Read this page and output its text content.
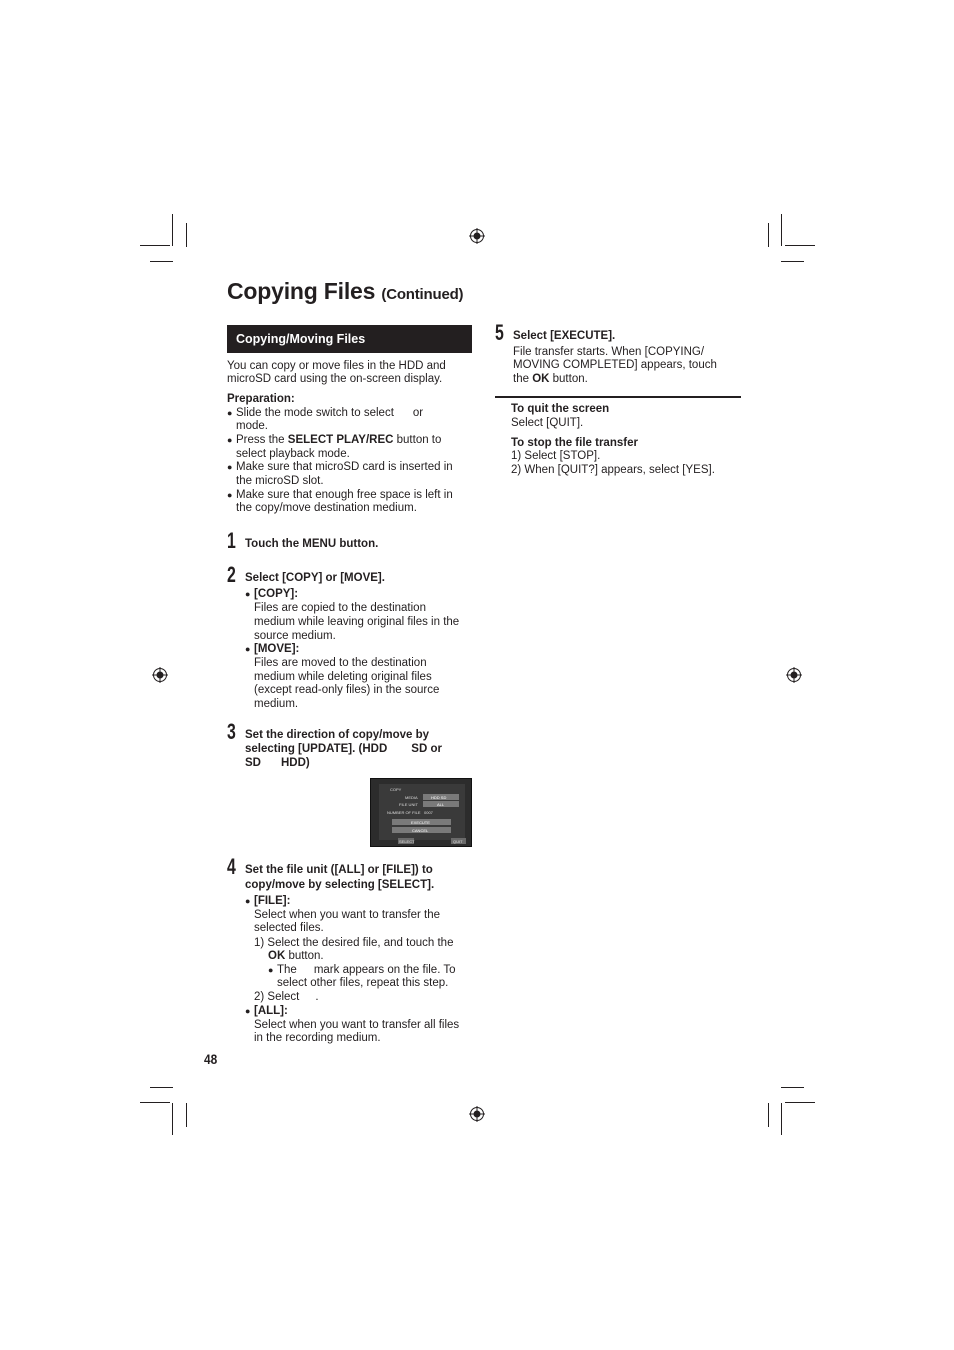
Copying Files (Continued)
Copying/Moving Files
You can copy or move files in the HDD and
microSD card using the on-screen display.
Preparation:
● Slide the mode switch to select or
mode.
● Press the SELECT PLAY/REC button to
select playback mode.
● Make sure that microSD card is inserted in
the microSD slot.
● Make sure that enough free space is left in
the copy/move destination medium.
1 Touch the MENU button.
2 Select [COPY] or [MOVE].
● [COPY]:
Files are copied to the destination
medium while leaving original files in the
source medium.
● [MOVE]:
Files are moved to the destination
medium while deleting original files
(except read-only files) in the source
medium.
3 Set the direction of copy/move by
selecting [UPDATE]. (HDD SD or
SD HDD)
COPY
MEDIA	HDD SD
FILE UNIT	ALL
NUMBER OF FILE 0007
EXECUTE
CANCEL
SELECT	QUIT
4 Set the file unit ([ALL] or [FILE]) to
copy/move by selecting [SELECT].
● [FILE]:
Select when you want to transfer the
selected files.
1) Select the desired file, and touch the
OK button.
● The mark appears on the file. To
select other files, repeat this step.
2) Select .
● [ALL]:
Select when you want to transfer all files
in the recording medium.
48
5 Select [EXECUTE].
File transfer starts. When [COPYING/
MOVING COMPLETED] appears, touch
the OK button.
To quit the screen
Select [QUIT].
To stop the file transfer
1) Select [STOP].
2) When [QUIT?] appears, select [YES].
